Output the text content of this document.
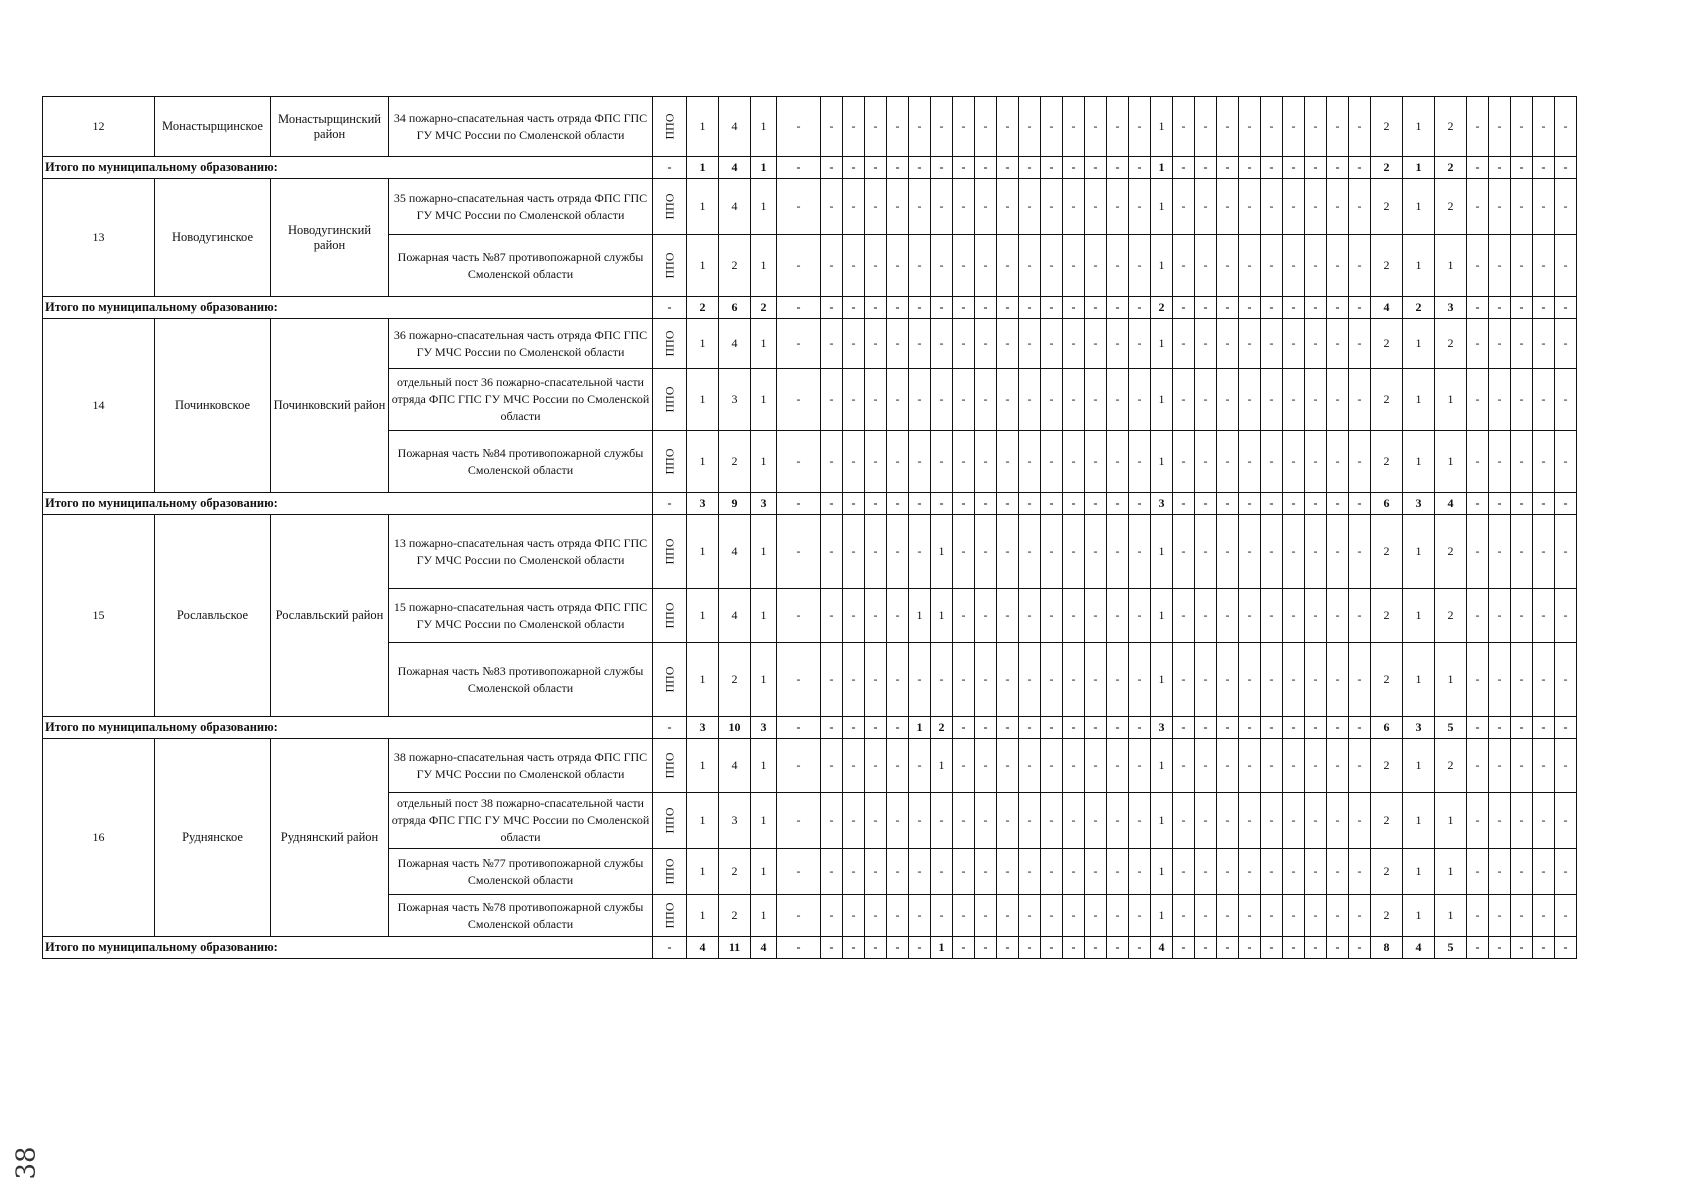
12	Монастырщинское	Монастырщинский район	34 пожарно-спасательная часть отряда ФПС ГПС ГУ МЧС России по Смоленской области	ППО	1	4	1	-	-	-	-	-	-	-	-	-	-	-	-	-	-	-	-	1	-	-	-	-	-	-	-	-	-	2	1	2	-	-	-	-	-
Итого по муниципальному образованию:				-	1	4	1	-	-	-	-	-	-	-	-	-	-	-	-	-	-	-	-	1	-	-	-	-	-	-	-	-	-	2	1	2	-	-	-	-	-
13	Новодугинское	Новодугинский район	35 пожарно-спасательная часть отряда ФПС ГПС ГУ МЧС России по Смоленской области	ППО	1	4	1	-	-	-	-	-	-	-	-	-	-	-	-	-	-	-	-	1	-	-	-	-	-	-	-	-	-	2	1	2	-	-	-	-	-
			Пожарная часть №87 противопожарной службы Смоленской области	ППО	1	2	1	-	-	-	-	-	-	-	-	-	-	-	-	-	-	-	-	1	-	-	-	-	-	-	-	-	-	2	1	1	-	-	-	-	-
Итого по муниципальному образованию:				-	2	6	2	-	-	-	-	-	-	-	-	-	-	-	-	-	-	-	-	2	-	-	-	-	-	-	-	-	-	4	2	3	-	-	-	-	-
14	Починковское	Починковский район	36 пожарно-спасательная часть отряда ФПС ГПС ГУ МЧС России по Смоленской области	ППО	1	4	1	-	-	-	-	-	-	-	-	-	-	-	-	-	-	-	-	1	-	-	-	-	-	-	-	-	-	2	1	2	-	-	-	-	-
			отдельный пост 36 пожарно-спасательной части отряда ФПС ГПС ГУ МЧС России по Смоленской области	ППО	1	3	1	-	-	-	-	-	-	-	-	-	-	-	-	-	-	-	-	1	-	-	-	-	-	-	-	-	-	2	1	1	-	-	-	-	-
			Пожарная часть №84 противопожарной службы Смоленской области	ППО	1	2	1	-	-	-	-	-	-	-	-	-	-	-	-	-	-	-	-	1	-	-	-	-	-	-	-	-	-	2	1	1	-	-	-	-	-
Итого по муниципальному образованию:				-	3	9	3	-	-	-	-	-	-	-	-	-	-	-	-	-	-	-	-	3	-	-	-	-	-	-	-	-	-	6	3	4	-	-	-	-	-
15	Рославльское	Рославльский район	13 пожарно-спасательная часть отряда ФПС ГПС ГУ МЧС России по Смоленской области	ППО	1	4	1	-	-	-	-	-	-	1	-	-	-	-	-	-	-	-	-	1	-	-	-	-	-	-	-	-	-	2	1	2	-	-	-	-	-
			15 пожарно-спасательная часть отряда ФПС ГПС ГУ МЧС России по Смоленской области	ППО	1	4	1	-	-	-	-	-	1	1	-	-	-	-	-	-	-	-	-	1	-	-	-	-	-	-	-	-	-	2	1	2	-	-	-	-	-
			Пожарная часть №83 противопожарной службы Смоленской области	ППО	1	2	1	-	-	-	-	-	-	-	-	-	-	-	-	-	-	-	-	1	-	-	-	-	-	-	-	-	-	2	1	1	-	-	-	-	-
Итого по муниципальному образованию:				-	3	10	3	-	-	-	-	-	1	2	-	-	-	-	-	-	-	-	-	3	-	-	-	-	-	-	-	-	-	6	3	5	-	-	-	-	-
16	Руднянское	Руднянский район	38 пожарно-спасательная часть отряда ФПС ГПС ГУ МЧС России по Смоленской области	ППО	1	4	1	-	-	-	-	-	-	1	-	-	-	-	-	-	-	-	-	1	-	-	-	-	-	-	-	-	-	2	1	2	-	-	-	-	-
			отдельный пост 38 пожарно-спасательной части отряда ФПС ГПС ГУ МЧС России по Смоленской области	ППО	1	3	1	-	-	-	-	-	-	-	-	-	-	-	-	-	-	-	-	1	-	-	-	-	-	-	-	-	-	2	1	1	-	-	-	-	-
			Пожарная часть №77 противопожарной службы Смоленской области	ППО	1	2	1	-	-	-	-	-	-	-	-	-	-	-	-	-	-	-	-	1	-	-	-	-	-	-	-	-	-	2	1	1	-	-	-	-	-
			Пожарная часть №78 противопожарной службы Смоленской области	ППО	1	2	1	-	-	-	-	-	-	-	-	-	-	-	-	-	-	-	-	1	-	-	-	-	-	-	-	-	-	2	1	1	-	-	-	-	-
Итого по муниципальному образованию:				-	4	11	4	-	-	-	-	-	-	1	-	-	-	-	-	-	-	-	-	4	-	-	-	-	-	-	-	-	-	8	4	5	-	-	-	-	-
38
